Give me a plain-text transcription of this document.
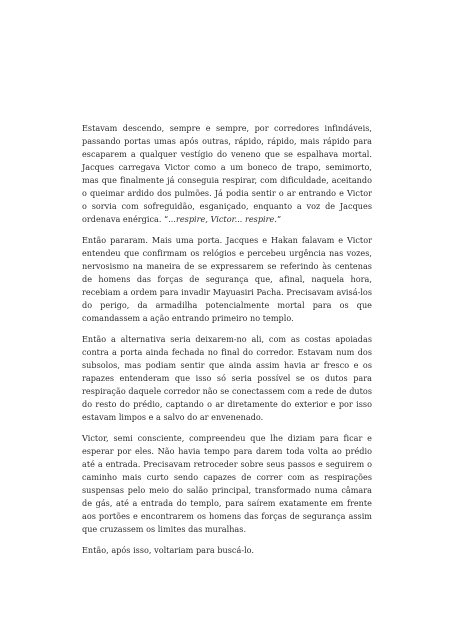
Estavam descendo, sempre e sempre, por corredores infindáveis, passando portas umas após outras, rápido, rápido, mais rápido para escaparem a qualquer vestígio do veneno que se espalhava mortal. Jacques carregava Victor como a um boneco de trapo, semimorto, mas que finalmente já conseguia respirar, com dificuldade, aceitando o queimar ardido dos pulmões. Já podia sentir o ar entrando e Victor o sorvia com sofreguidão, esganiçado, enquanto a voz de Jacques ordenava enérgica. “...respire, Victor... respire.”

Então pararam. Mais uma porta. Jacques e Hakan falavam e Victor entendeu que confirmam os relógios e percebeu urgência nas vozes, nervosismo na maneira de se expressarem se referindo às centenas de homens das forças de segurança que, afinal, naquela hora, recebiam a ordem para invadir Mayuasiri Pacha. Precisavam avisá-los do perigo, da armadilha potencialmente mortal para os que comandassem a ação entrando primeiro no templo.

Então a alternativa seria deixarem-no ali, com as costas apoiadas contra a porta ainda fechada no final do corredor. Estavam num dos subsolos, mas podiam sentir que ainda assim havia ar fresco e os rapazes entenderam que isso só seria possível se os dutos para respiração daquele corredor não se conectassem com a rede de dutos do resto do prédio, captando o ar diretamente do exterior e por isso estavam limpos e a salvo do ar envenenado.

Victor, semi consciente, compreendeu que lhe diziam para ficar e esperar por eles. Não havia tempo para darem toda volta ao prédio até a entrada. Precisavam retroceder sobre seus passos e seguirem o caminho mais curto sendo capazes de correr com as respirações suspensas pelo meio do salão principal, transformado numa câmara de gás, até a entrada do templo, para saírem exatamente em frente aos portões e encontrarem os homens das forças de segurança assim que cruzassem os limites das muralhas.

Então, após isso, voltariam para buscá-lo.
